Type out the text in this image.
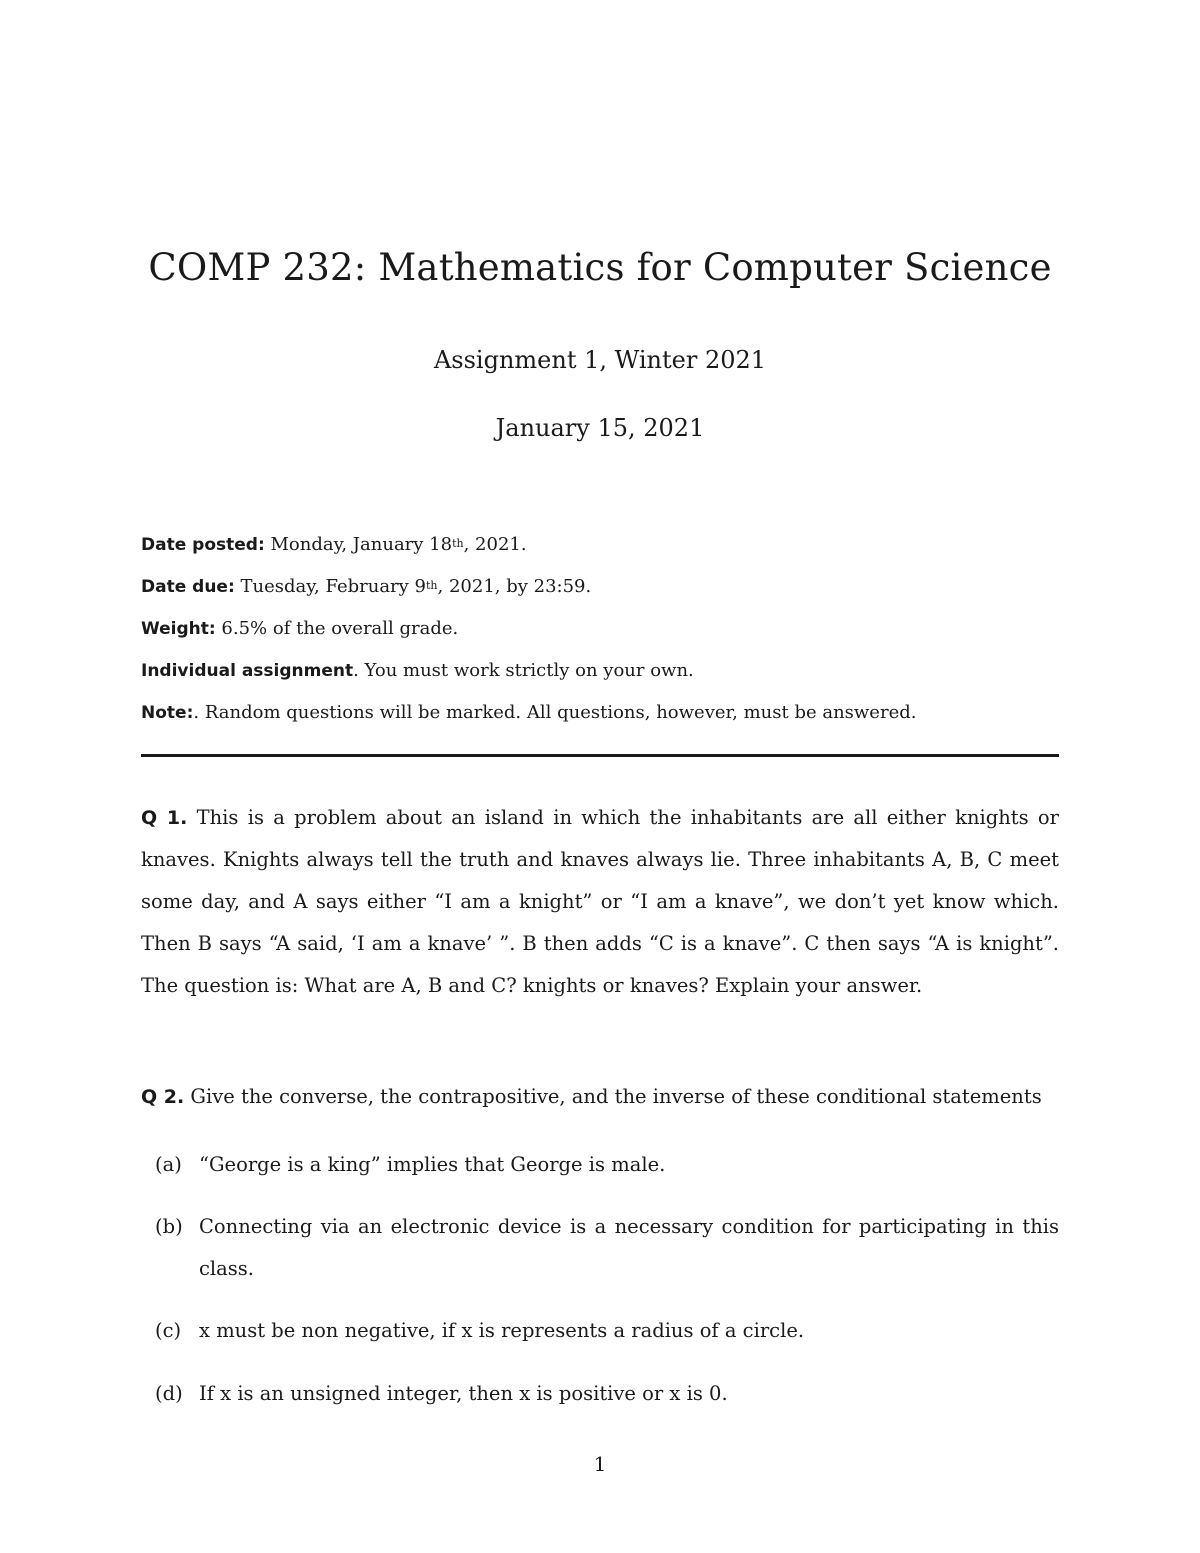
COMP 232: Mathematics for Computer Science
Assignment 1, Winter 2021
January 15, 2021
Date posted: Monday, January 18th, 2021.
Date due: Tuesday, February 9th, 2021, by 23:59.
Weight: 6.5% of the overall grade.
Individual assignment. You must work strictly on your own.
Note:. Random questions will be marked. All questions, however, must be answered.
Q 1. This is a problem about an island in which the inhabitants are all either knights or knaves. Knights always tell the truth and knaves always lie. Three inhabitants A, B, C meet some day, and A says either “I am a knight” or “I am a knave”, we don’t yet know which. Then B says “A said, ‘I am a knave’ ”. B then adds “C is a knave”. C then says “A is knight”. The question is: What are A, B and C? knights or knaves? Explain your answer.
Q 2. Give the converse, the contrapositive, and the inverse of these conditional statements
(a) “George is a king” implies that George is male.
(b) Connecting via an electronic device is a necessary condition for participating in this class.
(c) x must be non negative, if x is represents a radius of a circle.
(d) If x is an unsigned integer, then x is positive or x is 0.
1
